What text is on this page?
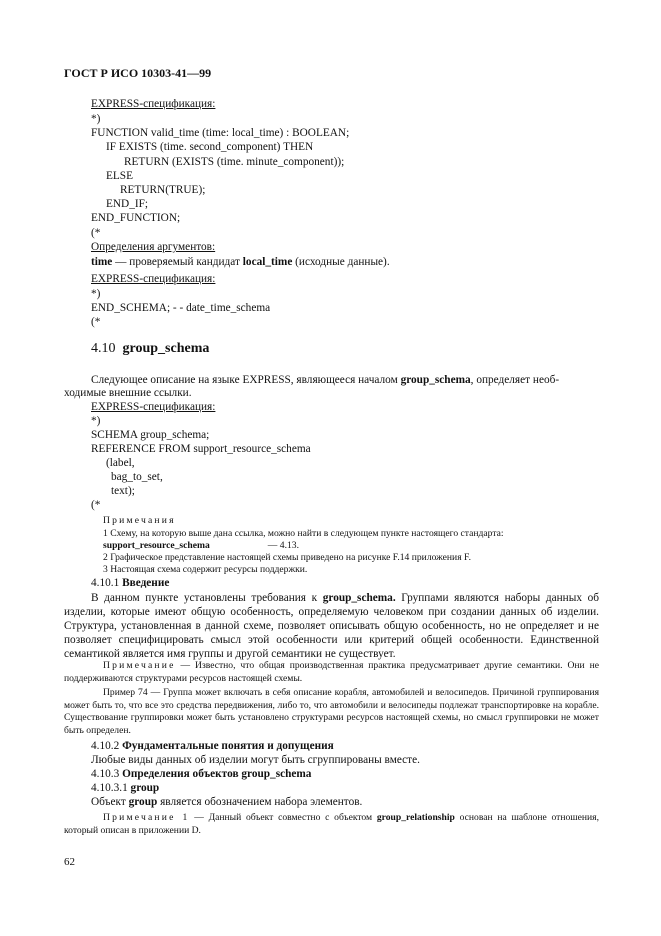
ГОСТ Р ИСО 10303-41—99
EXPRESS-спецификация:
*)
FUNCTION valid_time (time: local_time) : BOOLEAN;
IF EXISTS (time. second_component) THEN
RETURN (EXISTS (time. minute_component));
ELSE
RETURN(TRUE);
END_IF;
END_FUNCTION;
(*
Определения аргументов:
time — проверяемый кандидат local_time (исходные данные).
EXPRESS-спецификация:
*)
END_SCHEMA; - - date_time_schema
(*
4.10 group_schema
Следующее описание на языке EXPRESS, являющееся началом group_schema, определяет необ-
ходимые внешние ссылки.
EXPRESS-спецификация:
*)
SCHEMA group_schema;
REFERENCE FROM support_resource_schema
(label,
bag_to_set,
text);
(*
Примечания
1 Схему, на которую выше дана ссылка, можно найти в следующем пункте настоящего стандарта:
support_resource_schema	— 4.13.
2 Графическое представление настоящей схемы приведено на рисунке F.14 приложения F.
3 Настоящая схема содержит ресурсы поддержки.
4.10.1 Введение
В данном пункте установлены требования к group_schema. Группами являются наборы данных об изделии, которые имеют общую особенность, определяемую человеком при создании данных об изделии. Структура, установленная в данной схеме, позволяет описывать общую особенность, но не определяет и не позволяет специфицировать смысл этой особенности или критерий общей особенности. Единственной семантикой является имя группы и другой семантики не существует.
Примечание — Известно, что общая производственная практика предусматривает другие семантики. Они не поддерживаются структурами ресурсов настоящей схемы.
Пример 74 — Группа может включать в себя описание корабля, автомобилей и велосипедов. Причиной группирования может быть то, что все это средства передвижения, либо то, что автомобили и велосипеды подлежат транспортировке на корабле. Существование группировки может быть установлено структурами ресурсов настоящей схемы, но смысл группировки не может быть определен.
4.10.2 Фундаментальные понятия и допущения
Любые виды данных об изделии могут быть сгруппированы вместе.
4.10.3 Определения объектов group_schema
4.10.3.1 group
Объект group является обозначением набора элементов.
Примечание 1 — Данный объект совместно с объектом group_relationship основан на шаблоне отношения, который описан в приложении D.
62
